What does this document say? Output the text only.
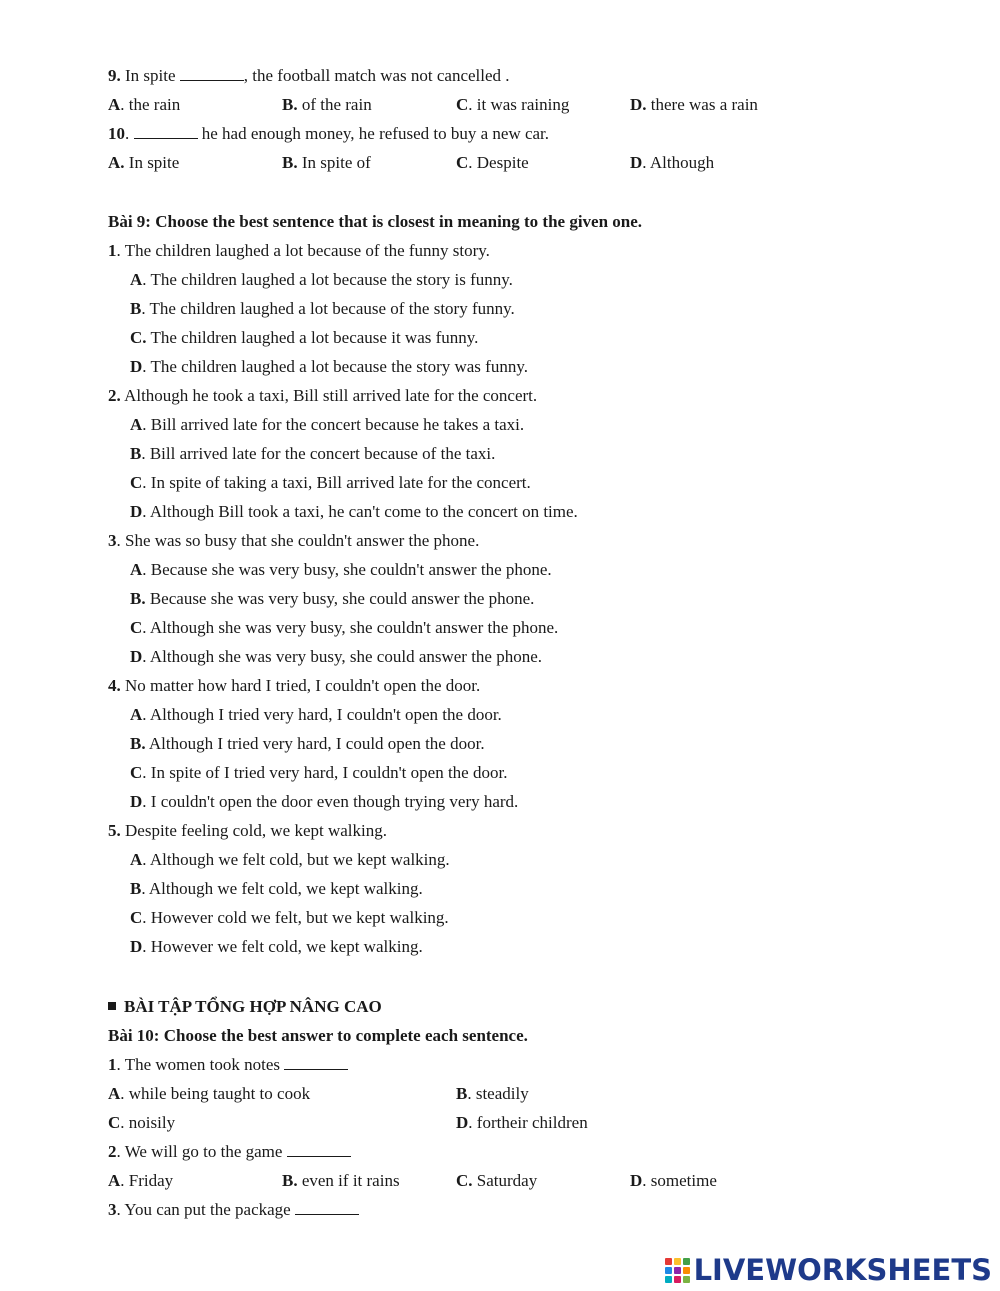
9. In spite	, the football match was not cancelled .
A. the rain	B. of the rain	C. it was raining	D. there was a rain
10.	he had enough money, he refused to buy a new car.
A. In spite	B. In spite of	C. Despite	D. Although
Bài 9: Choose the best sentence that is closest in meaning to the given one.
1. The children laughed a lot because of the funny story.
A. The children laughed a lot because the story is funny.
B. The children laughed a lot because of the story funny.
C. The children laughed a lot because it was funny.
D. The children laughed a lot because the story was funny.
2. Although he took a taxi, Bill still arrived late for the concert.
A. Bill arrived late for the concert because he takes a taxi.
B. Bill arrived late for the concert because of the taxi.
C. In spite of taking a taxi, Bill arrived late for the concert.
D. Although Bill took a taxi, he can't come to the concert on time.
3. She was so busy that she couldn't answer the phone.
A. Because she was very busy, she couldn't answer the phone.
B. Because she was very busy, she could answer the phone.
C. Although she was very busy, she couldn't answer the phone.
D. Although she was very busy, she could answer the phone.
4. No matter how hard I tried, I couldn't open the door.
A. Although I tried very hard, I couldn't open the door.
B. Although I tried very hard, I could open the door.
C. In spite of I tried very hard, I couldn't open the door.
D. I couldn't open the door even though trying very hard.
5. Despite feeling cold, we kept walking.
A. Although we felt cold, but we kept walking.
B. Although we felt cold, we kept walking.
C. However cold we felt, but we kept walking.
D. However we felt cold, we kept walking.
BÀI TẬP TỔNG HỢP NÂNG CAO
Bài 10: Choose the best answer to complete each sentence.
1. The women took notes
A. while being taught to cook	B. steadily
C. noisily	D. fortheir children
2. We will go to the game
A. Friday	B. even if it rains	C. Saturday	D. sometime
3. You can put the package
LIVEWORKSHEETS
